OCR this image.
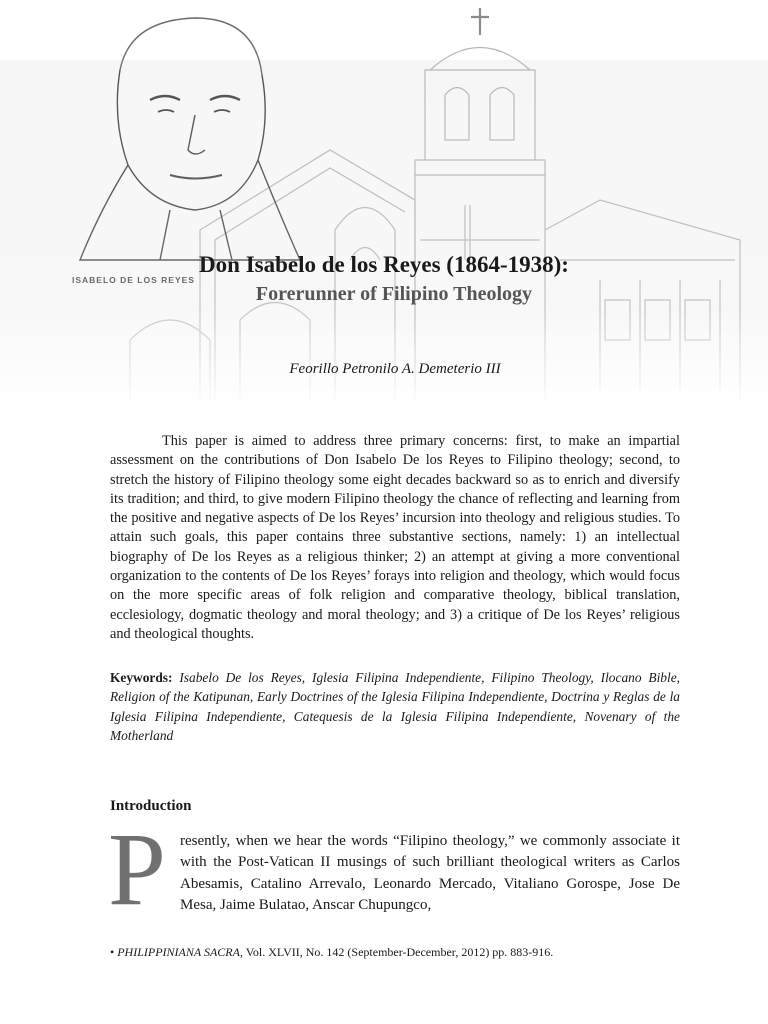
ISABELO DE LOS REYES
Don Isabelo de los Reyes (1864-1938):
Forerunner of Filipino Theology
Feorillo Petronilo A. Demeterio III

This paper is aimed to address three primary concerns: first, to make an impartial assessment on the contributions of Don Isabelo De los Reyes to Filipino theology; second, to stretch the history of Filipino theology some eight decades backward so as to enrich and diversify its tradition; and third, to give modern Filipino theology the chance of reflecting and learning from the positive and negative aspects of De los Reyes’ incursion into theology and religious studies. To attain such goals, this paper contains three substantive sections, namely: 1) an intellectual biography of De los Reyes as a religious thinker; 2) an attempt at giving a more conventional organization to the contents of De los Reyes’ forays into religion and theology, which would focus on the more specific areas of folk religion and comparative theology, biblical translation, ecclesiology, dogmatic theology and moral theology; and 3) a critique of De los Reyes’ religious and theological thoughts.

Keywords: Isabelo De los Reyes, Iglesia Filipina Independiente, Filipino Theology, Ilocano Bible, Religion of the Katipunan, Early Doctrines of the Iglesia Filipina Independiente, Doctrina y Reglas de la Iglesia Filipina Independiente, Catequesis de la Iglesia Filipina Independiente, Novenary of the Motherland

Introduction
P resently, when we hear the words “Filipino theology,” we commonly associate it with the Post-Vatican II musings of such brilliant theological writers as Carlos Abesamis, Catalino Arrevalo, Leonardo Mercado, Vitaliano Gorospe, Jose De Mesa, Jaime Bulatao, Anscar Chupungco,

• PHILIPPINIANA SACRA, Vol. XLVII, No. 142 (September-December, 2012) pp. 883-916.
